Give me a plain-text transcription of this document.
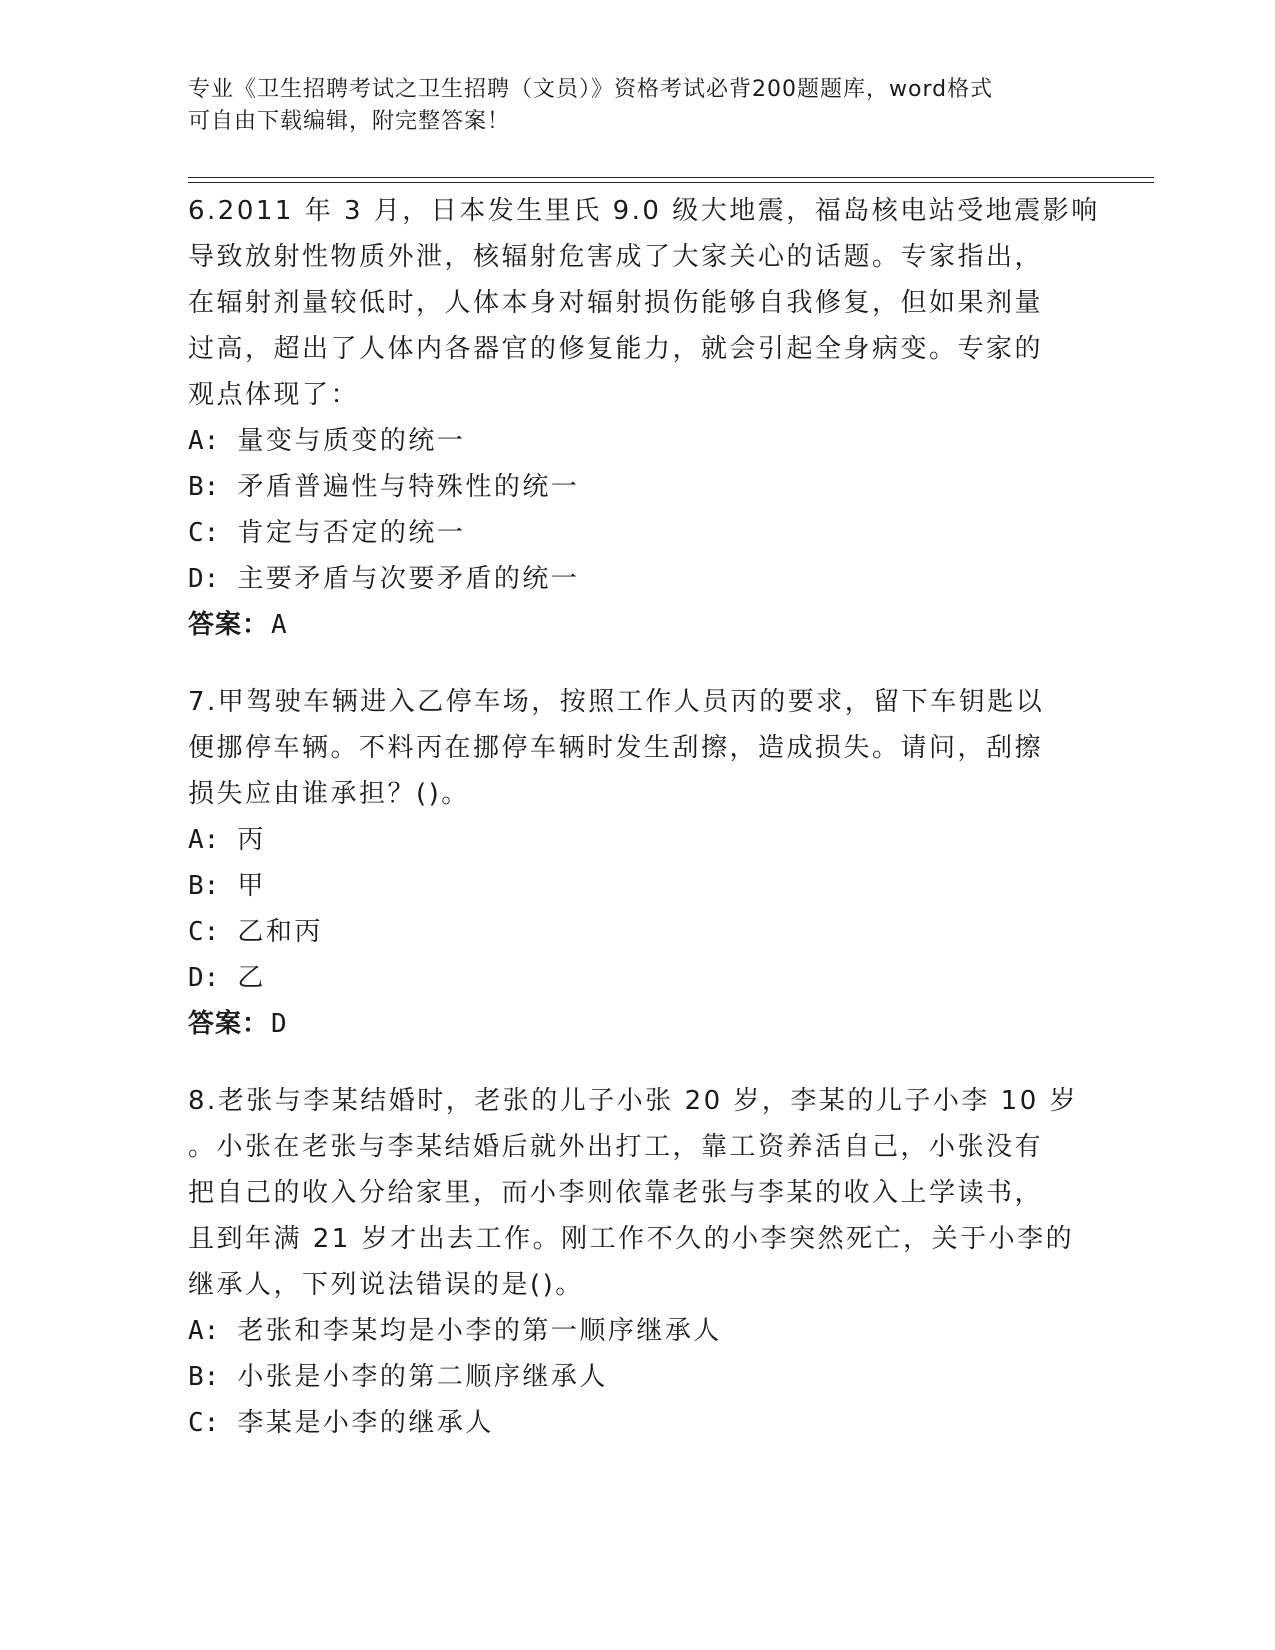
专业《卫生招聘考试之卫生招聘（文员）》资格考试必背200题题库，word格式
可自由下载编辑，附完整答案！
6.2011 年 3 月，日本发生里氏 9.0 级大地震，福岛核电站受地震影响
导致放射性物质外泄，核辐射危害成了大家关心的话题。专家指出，
在辐射剂量较低时，人体本身对辐射损伤能够自我修复，但如果剂量
过高，超出了人体内各器官的修复能力，就会引起全身病变。专家的
观点体现了：
A: 量变与质变的统一
B: 矛盾普遍性与特殊性的统一
C: 肯定与否定的统一
D: 主要矛盾与次要矛盾的统一
答案：A
7.甲驾驶车辆进入乙停车场，按照工作人员丙的要求，留下车钥匙以
便挪停车辆。不料丙在挪停车辆时发生刮擦，造成损失。请问，刮擦
损失应由谁承担？()。
A: 丙
B: 甲
C: 乙和丙
D: 乙
答案：D
8.老张与李某结婚时，老张的儿子小张 20 岁，李某的儿子小李 10 岁
。小张在老张与李某结婚后就外出打工，靠工资养活自己，小张没有
把自己的收入分给家里，而小李则依靠老张与李某的收入上学读书，
且到年满 21 岁才出去工作。刚工作不久的小李突然死亡，关于小李的
继承人，下列说法错误的是()。
A: 老张和李某均是小李的第一顺序继承人
B: 小张是小李的第二顺序继承人
C: 李某是小李的继承人
